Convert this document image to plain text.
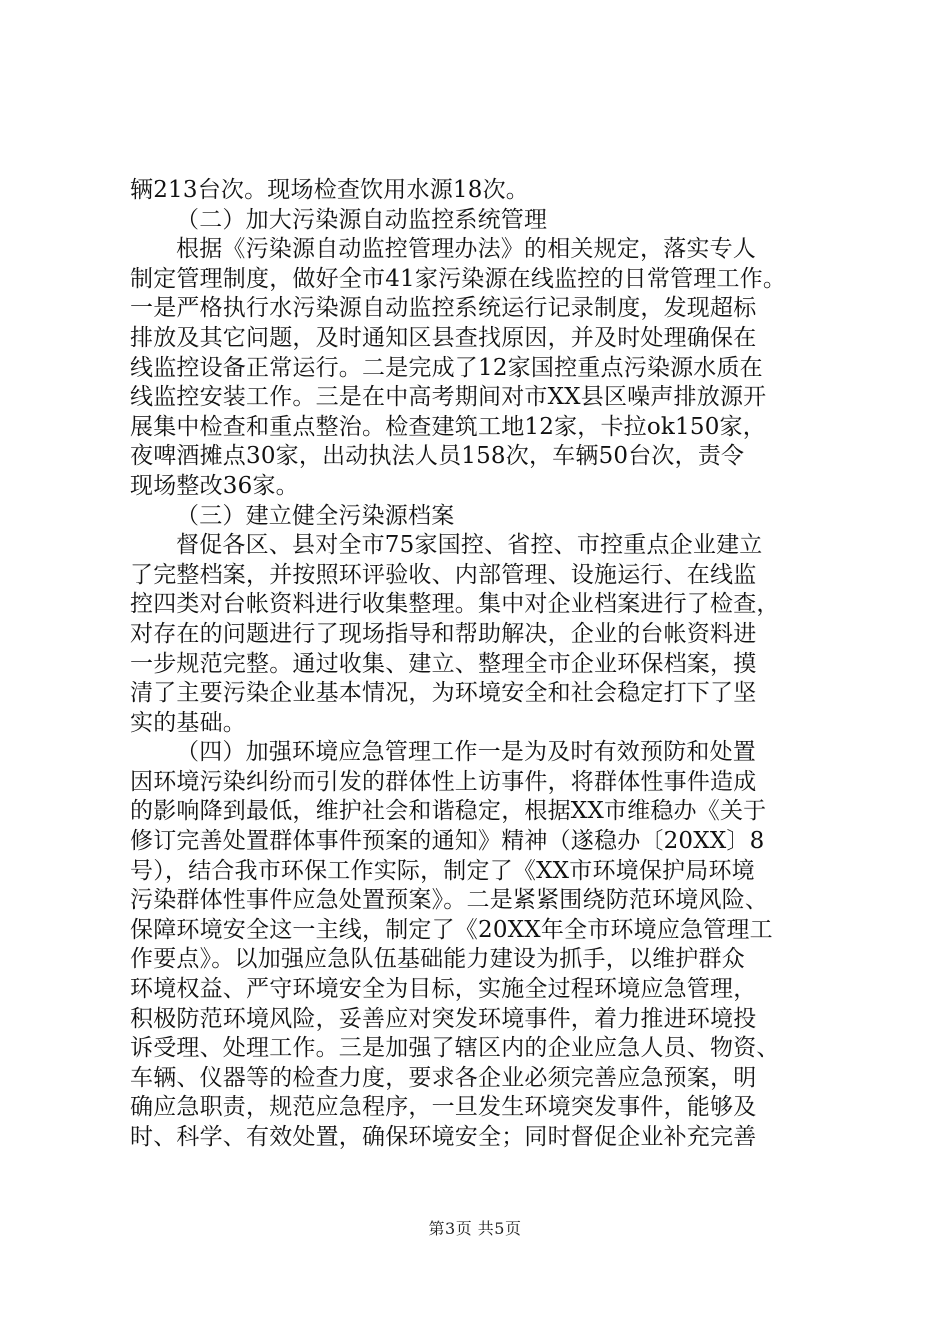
辆213台次。现场检查饮用水源18次。
（二）加大污染源自动监控系统管理
根据《污染源自动监控管理办法》的相关规定，落实专人
制定管理制度，做好全市41家污染源在线监控的日常管理工作。
一是严格执行水污染源自动监控系统运行记录制度，发现超标
排放及其它问题，及时通知区县查找原因，并及时处理确保在
线监控设备正常运行。二是完成了12家国控重点污染源水质在
线监控安装工作。三是在中高考期间对市XX县区噪声排放源开
展集中检查和重点整治。检查建筑工地12家，卡拉ok150家，
夜啤酒摊点30家，出动执法人员158次，车辆50台次，责令
现场整改36家。
（三）建立健全污染源档案
督促各区、县对全市75家国控、省控、市控重点企业建立
了完整档案，并按照环评验收、内部管理、设施运行、在线监
控四类对台帐资料进行收集整理。集中对企业档案进行了检查，
对存在的问题进行了现场指导和帮助解决，企业的台帐资料进
一步规范完整。通过收集、建立、整理全市企业环保档案，摸
清了主要污染企业基本情况，为环境安全和社会稳定打下了坚
实的基础。
（四）加强环境应急管理工作一是为及时有效预防和处置
因环境污染纠纷而引发的群体性上访事件，将群体性事件造成
的影响降到最低，维护社会和谐稳定，根据XX市维稳办《关于
修订完善处置群体事件预案的通知》精神（遂稳办〔20XX〕8
号），结合我市环保工作实际，制定了《XX市环境保护局环境
污染群体性事件应急处置预案》。二是紧紧围绕防范环境风险、
保障环境安全这一主线，制定了《20XX年全市环境应急管理工
作要点》。以加强应急队伍基础能力建设为抓手，以维护群众
环境权益、严守环境安全为目标，实施全过程环境应急管理，
积极防范环境风险，妥善应对突发环境事件，着力推进环境投
诉受理、处理工作。三是加强了辖区内的企业应急人员、物资、
车辆、仪器等的检查力度，要求各企业必须完善应急预案，明
确应急职责，规范应急程序，一旦发生环境突发事件，能够及
时、科学、有效处置，确保环境安全；同时督促企业补充完善
第3页 共5页
